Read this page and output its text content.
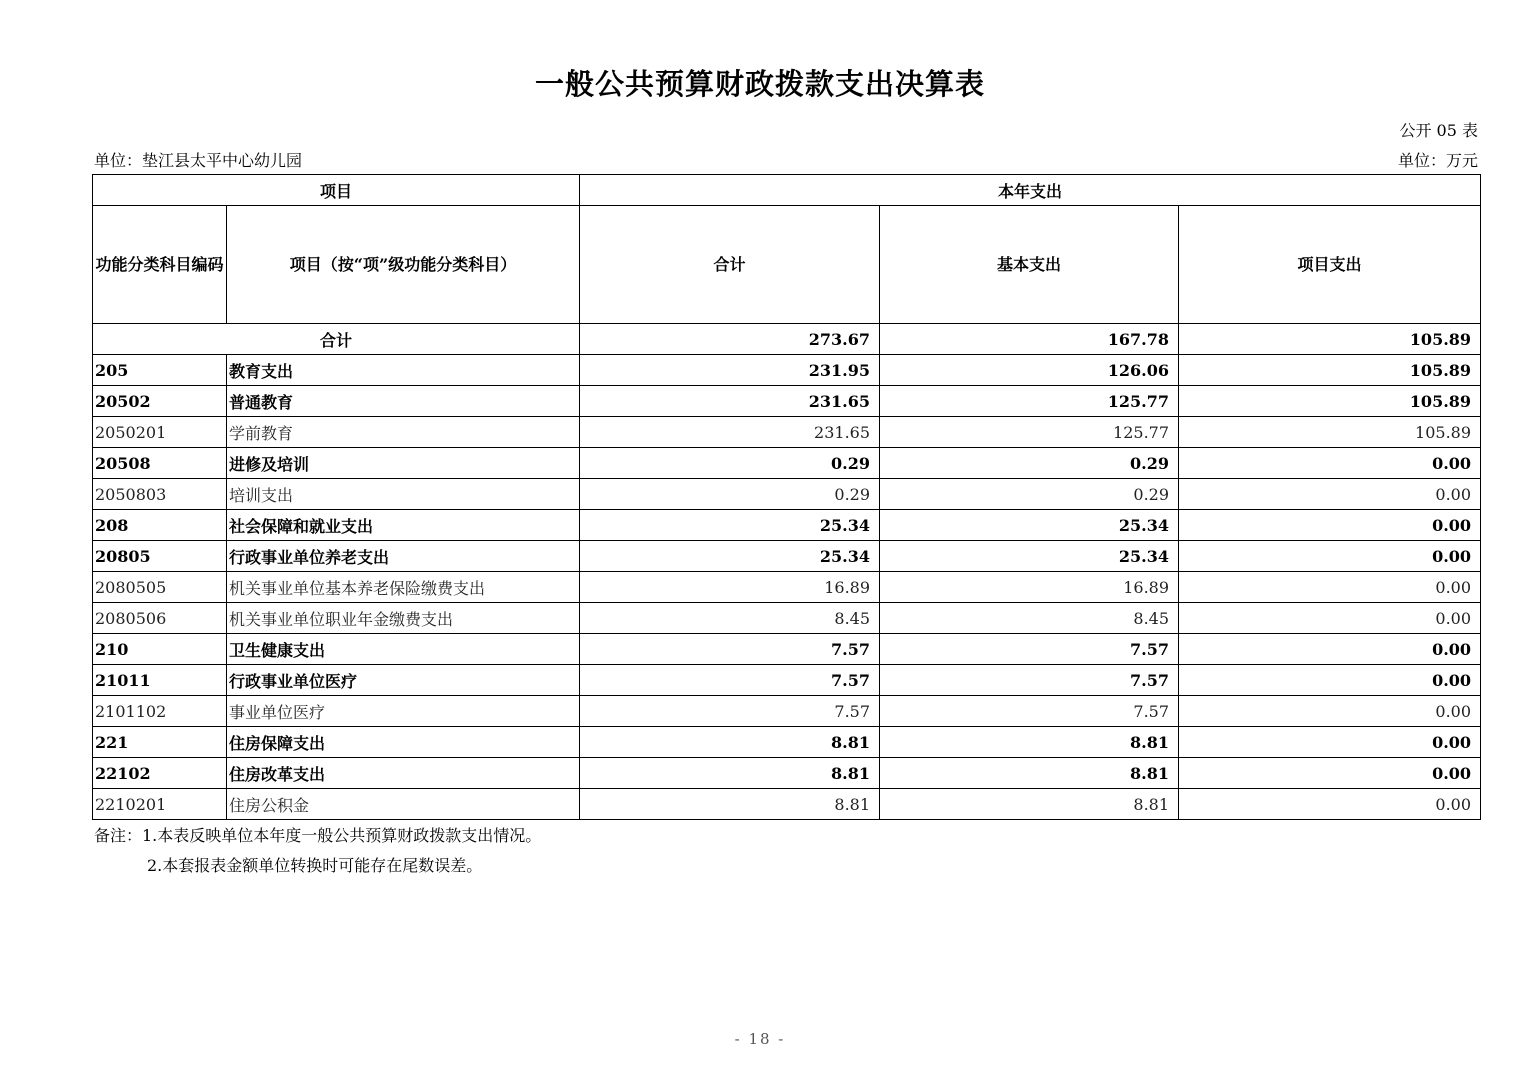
一般公共预算财政拨款支出决算表
公开 05 表
单位：垫江县太平中心幼儿园	单位：万元
项目		本年支出		
功能分类科目编码	项目（按“项”级功能分类科目）	合计	基本支出	项目支出
合计		273.67	167.78	105.89
205	教育支出	231.95	126.06	105.89
20502	普通教育	231.65	125.77	105.89
2050201	学前教育	231.65	125.77	105.89
20508	进修及培训	0.29	0.29	0.00
2050803	培训支出	0.29	0.29	0.00
208	社会保障和就业支出	25.34	25.34	0.00
20805	行政事业单位养老支出	25.34	25.34	0.00
2080505	机关事业单位基本养老保险缴费支出	16.89	16.89	0.00
2080506	机关事业单位职业年金缴费支出	8.45	8.45	0.00
210	卫生健康支出	7.57	7.57	0.00
21011	行政事业单位医疗	7.57	7.57	0.00
2101102	事业单位医疗	7.57	7.57	0.00
221	住房保障支出	8.81	8.81	0.00
22102	住房改革支出	8.81	8.81	0.00
2210201	住房公积金	8.81	8.81	0.00
备注：1.本表反映单位本年度一般公共预算财政拨款支出情况。
2.本套报表金额单位转换时可能存在尾数误差。
- 18 -
